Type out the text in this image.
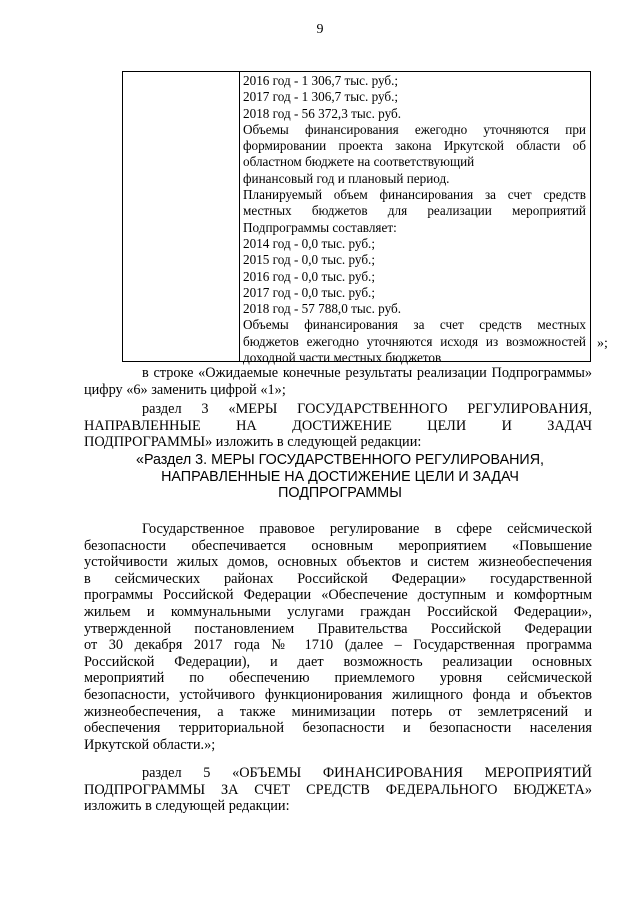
9
2016 год - 1 306,7 тыс. руб.;
2017 год - 1 306,7 тыс. руб.;
2018 год - 56 372,3 тыс. руб.
Объемы финансирования ежегодно уточняются при
формировании проекта закона Иркутской области об
областном бюджете на соответствующий
финансовый год и плановый период.
Планируемый объем финансирования за счет средств
местных бюджетов для реализации мероприятий
Подпрограммы составляет:
2014 год - 0,0 тыс. руб.;
2015 год - 0,0 тыс. руб.;
2016 год - 0,0 тыс. руб.;
2017 год - 0,0 тыс. руб.;
2018 год - 57 788,0 тыс. руб.
Объемы финансирования за счет средств местных
бюджетов ежегодно уточняются исходя из возможностей
доходной части местных бюджетов
»;
в строке «Ожидаемые конечные результаты реализации Подпрограммы»
цифру «6» заменить цифрой «1»;
раздел 3 «МЕРЫ ГОСУДАРСТВЕННОГО РЕГУЛИРОВАНИЯ,
НАПРАВЛЕННЫЕ НА ДОСТИЖЕНИЕ ЦЕЛИ И ЗАДАЧ
ПОДПРОГРАММЫ» изложить в следующей редакции:
«Раздел 3. МЕРЫ ГОСУДАРСТВЕННОГО РЕГУЛИРОВАНИЯ,
НАПРАВЛЕННЫЕ НА ДОСТИЖЕНИЕ ЦЕЛИ И ЗАДАЧ
ПОДПРОГРАММЫ
Государственное правовое регулирование в сфере сейсмической
безопасности обеспечивается основным мероприятием «Повышение
устойчивости жилых домов, основных объектов и систем жизнеобеспечения
в сейсмических районах Российской Федерации» государственной
программы Российской Федерации «Обеспечение доступным и комфортным
жильем и коммунальными услугами граждан Российской Федерации»,
утвержденной постановлением Правительства Российской Федерации
от 30 декабря 2017 года № 1710 (далее – Государственная программа
Российской Федерации), и дает возможность реализации основных
мероприятий по обеспечению приемлемого уровня сейсмической
безопасности, устойчивого функционирования жилищного фонда и объектов
жизнеобеспечения, а также минимизации потерь от землетрясений и
обеспечения территориальной безопасности и безопасности населения
Иркутской области.»;
раздел 5 «ОБЪЕМЫ ФИНАНСИРОВАНИЯ МЕРОПРИЯТИЙ
ПОДПРОГРАММЫ ЗА СЧЕТ СРЕДСТВ ФЕДЕРАЛЬНОГО БЮДЖЕТА»
изложить в следующей редакции:
